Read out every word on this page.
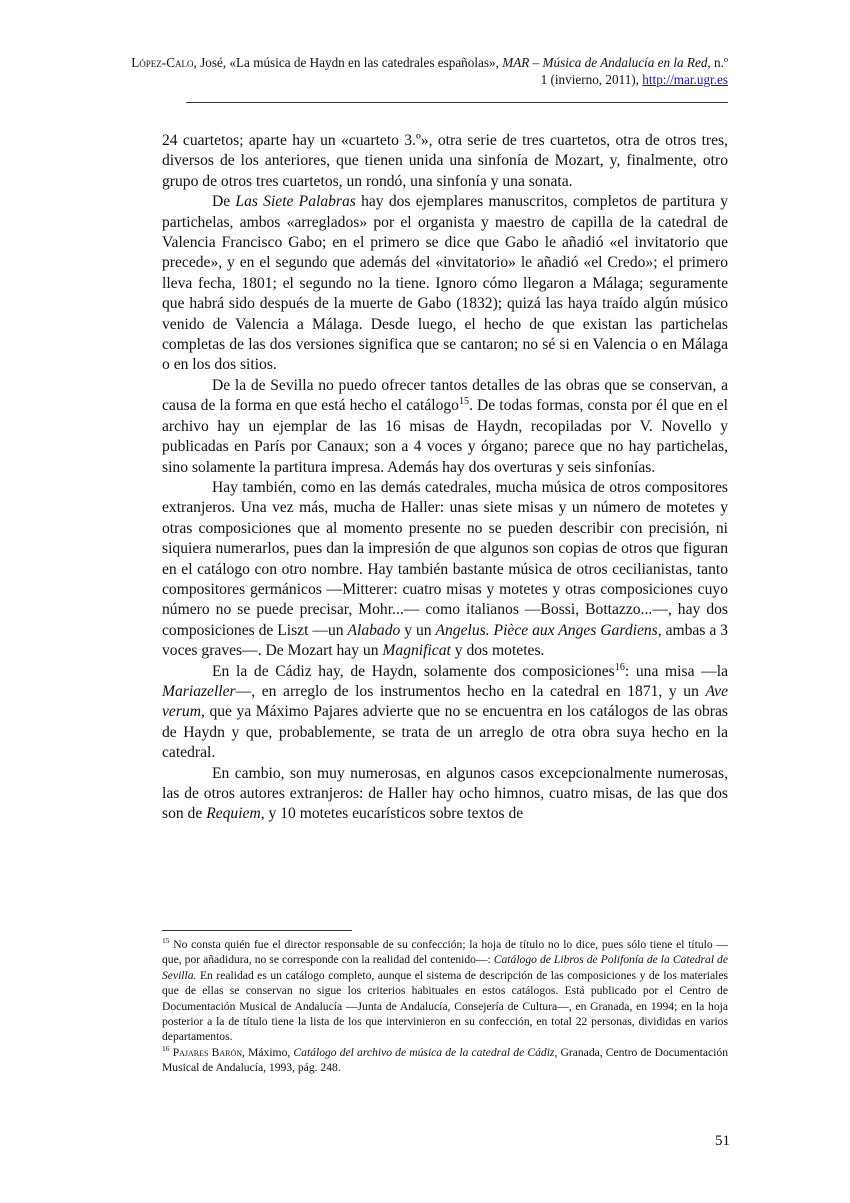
López-Calo, José, «La música de Haydn en las catedrales españolas», MAR – Música de Andalucía en la Red, n.º 1 (invierno, 2011), http://mar.ugr.es

24 cuartetos; aparte hay un «cuarteto 3.º», otra serie de tres cuartetos, otra de otros tres, diversos de los anteriores, que tienen unida una sinfonía de Mozart, y, finalmente, otro grupo de otros tres cuartetos, un rondó, una sinfonía y una sonata.

De Las Siete Palabras hay dos ejemplares manuscritos, completos de partitura y partichelas, ambos «arreglados» por el organista y maestro de capilla de la catedral de Valencia Francisco Gabo; en el primero se dice que Gabo le añadió «el invitatorio que precede», y en el segundo que además del «invitatorio» le añadió «el Credo»; el primero lleva fecha, 1801; el segundo no la tiene. Ignoro cómo llegaron a Málaga; seguramente que habrá sido después de la muerte de Gabo (1832); quizá las haya traído algún músico venido de Valencia a Málaga. Desde luego, el hecho de que existan las partichelas completas de las dos versiones significa que se cantaron; no sé si en Valencia o en Málaga o en los dos sitios.

De la de Sevilla no puedo ofrecer tantos detalles de las obras que se conservan, a causa de la forma en que está hecho el catálogo$^{15}$. De todas formas, consta por él que en el archivo hay un ejemplar de las 16 misas de Haydn, recopiladas por V. Novello y publicadas en París por Canaux; son a 4 voces y órgano; parece que no hay partichelas, sino solamente la partitura impresa. Además hay dos overturas y seis sinfonías.

Hay también, como en las demás catedrales, mucha música de otros compositores extranjeros. Una vez más, mucha de Haller: unas siete misas y un número de motetes y otras composiciones que al momento presente no se pueden describir con precisión, ni siquiera numerarlos, pues dan la impresión de que algunos son copias de otros que figuran en el catálogo con otro nombre. Hay también bastante música de otros cecilianistas, tanto compositores germánicos —Mitterer: cuatro misas y motetes y otras composiciones cuyo número no se puede precisar, Mohr...— como italianos —Bossi, Bottazzo...—, hay dos composiciones de Liszt —un Alabado y un Angelus. Pièce aux Anges Gardiens, ambas a 3 voces graves—. De Mozart hay un Magnificat y dos motetes.

En la de Cádiz hay, de Haydn, solamente dos composiciones$^{16}$: una misa —la Mariazeller—, en arreglo de los instrumentos hecho en la catedral en 1871, y un Ave verum, que ya Máximo Pajares advierte que no se encuentra en los catálogos de las obras de Haydn y que, probablemente, se trata de un arreglo de otra obra suya hecho en la catedral.

En cambio, son muy numerosas, en algunos casos excepcionalmente numerosas, las de otros autores extranjeros: de Haller hay ocho himnos, cuatro misas, de las que dos son de Requiem, y 10 motetes eucarísticos sobre textos de

$^{15}$ No consta quién fue el director responsable de su confección; la hoja de título no lo dice, pues sólo tiene el título —que, por añadidura, no se corresponde con la realidad del contenido—: Catálogo de Libros de Polifonía de la Catedral de Sevilla. En realidad es un catálogo completo, aunque el sistema de descripción de las composiciones y de los materiales que de ellas se conservan no sigue los criterios habituales en estos catálogos. Está publicado por el Centro de Documentación Musical de Andalucía —Junta de Andalucía, Consejería de Cultura—, en Granada, en 1994; en la hoja posterior a la de título tiene la lista de los que intervinieron en su confección, en total 22 personas, divididas en varios departamentos.

$^{16}$ Pajares Barón, Máximo, Catálogo del archivo de música de la catedral de Cádiz, Granada, Centro de Documentación Musical de Andalucía, 1993, pág. 248.

51
